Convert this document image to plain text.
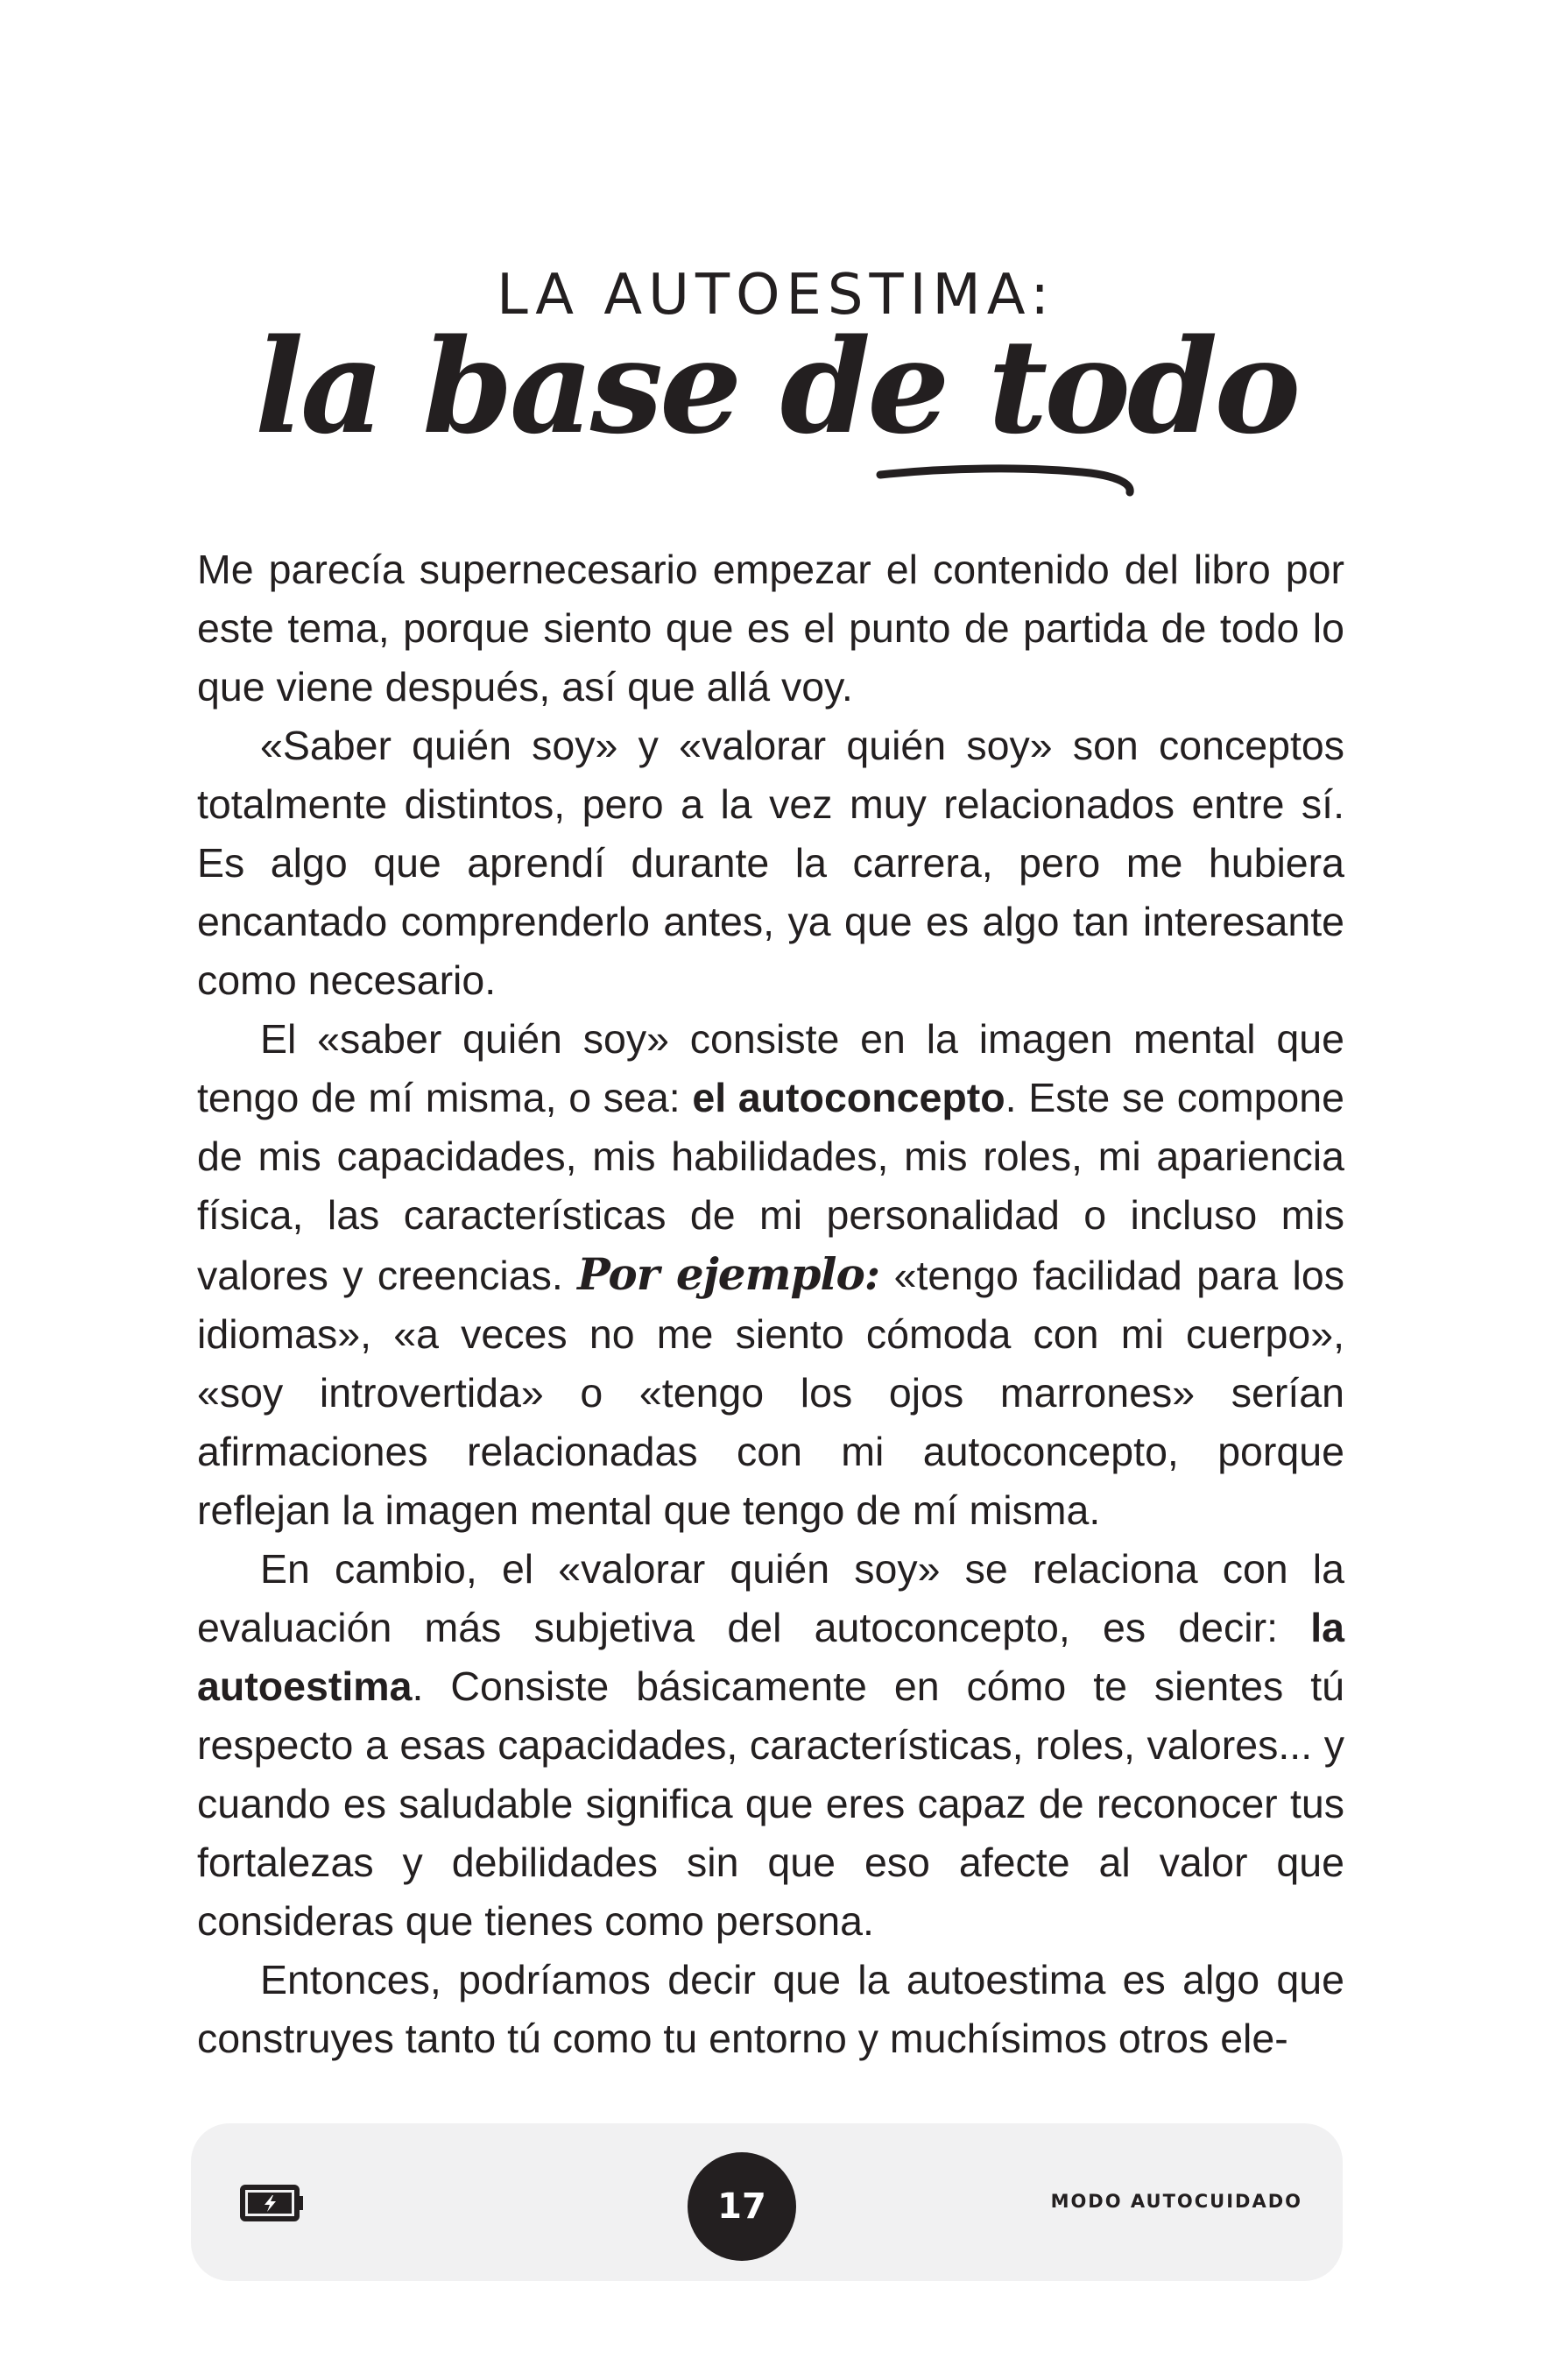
LA AUTOESTIMA:
la base de todo

Me parecía supernecesario empezar el contenido del libro por este tema, porque siento que es el punto de partida de todo lo que viene después, así que allá voy.

«Saber quién soy» y «valorar quién soy» son conceptos totalmente distintos, pero a la vez muy relacionados entre sí. Es algo que aprendí durante la carrera, pero me hubiera encantado comprenderlo antes, ya que es algo tan interesante como necesario.

El «saber quién soy» consiste en la imagen mental que tengo de mí misma, o sea: el autoconcepto. Este se compone de mis capacidades, mis habilidades, mis roles, mi apariencia física, las características de mi personalidad o incluso mis valores y creencias. Por ejemplo: «tengo facilidad para los idiomas», «a veces no me siento cómoda con mi cuerpo», «soy introvertida» o «tengo los ojos marrones» serían afirmaciones relacionadas con mi autoconcepto, porque reflejan la imagen mental que tengo de mí misma.

En cambio, el «valorar quién soy» se relaciona con la evaluación más subjetiva del autoconcepto, es decir: la autoestima. Consiste básicamente en cómo te sientes tú respecto a esas capacidades, características, roles, valores... y cuando es saludable significa que eres capaz de reconocer tus fortalezas y debilidades sin que eso afecte al valor que consideras que tienes como persona.

Entonces, podríamos decir que la autoestima es algo que construyes tanto tú como tu entorno y muchísimos otros ele-

17	MODO AUTOCUIDADO
